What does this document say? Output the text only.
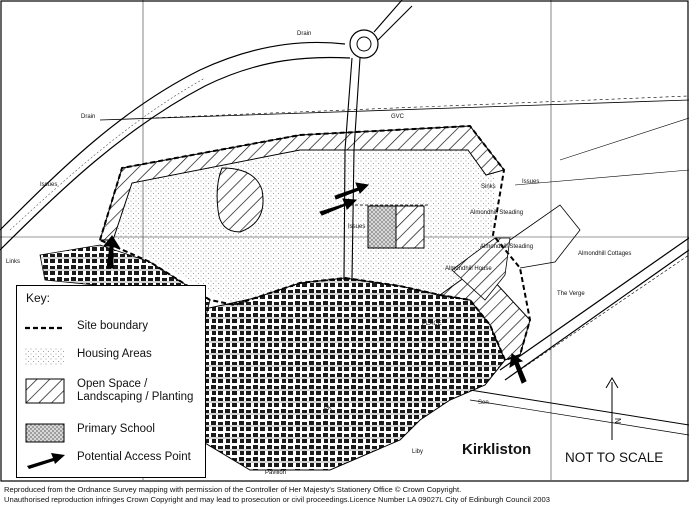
Drain
Drain
Issues	Issues
Issues
GVC
Sinks
Almondhill Steading
Almondhill Steading
Almondhill House
Almondhill Cottages
The Verge
Links
PLACE
Liby
Pavilion
PK
Sen
Key:
Site boundary
Housing Areas
Open Space / Landscaping / Planting
Primary School
Potential Access Point	Kirkliston
N
NOT TO SCALE
Reproduced from the Ordnance Survey mapping with permission of the Controller of Her Majesty's Stationery Office © Crown Copyright.
Unauthorised reproduction infringes Crown Copyright and may lead to prosecution or civil proceedings.Licence Number LA 09027L City of Edinburgh Council 2003
